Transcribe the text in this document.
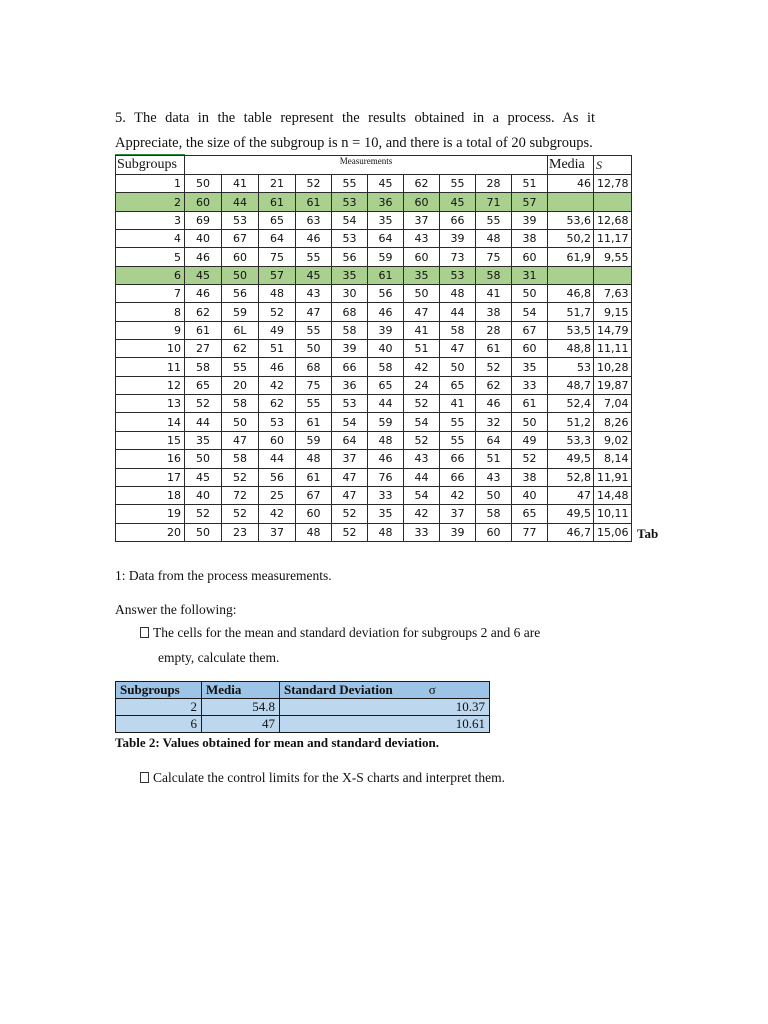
5. The data in the table represent the results obtained in a process. As it Appreciate, the size of the subgroup is n = 10, and there is a total of 20 subgroups.

Subgroups	Measurements										Media	S
1	50	41	21	52	55	45	62	55	28	51	46	12,78
2	60	44	61	61	53	36	60	45	71	57		
3	69	53	65	63	54	35	37	66	55	39	53,6	12,68
4	40	67	64	46	53	64	43	39	48	38	50,2	11,17
5	46	60	75	55	56	59	60	73	75	60	61,9	9,55
6	45	50	57	45	35	61	35	53	58	31		
7	46	56	48	43	30	56	50	48	41	50	46,8	7,63
8	62	59	52	47	68	46	47	44	38	54	51,7	9,15
9	61	6L	49	55	58	39	41	58	28	67	53,5	14,79
10	27	62	51	50	39	40	51	47	61	60	48,8	11,11
11	58	55	46	68	66	58	42	50	52	35	53	10,28
12	65	20	42	75	36	65	24	65	62	33	48,7	19,87
13	52	58	62	55	53	44	52	41	46	61	52,4	7,04
14	44	50	53	61	54	59	54	55	32	50	51,2	8,26
15	35	47	60	59	64	48	52	55	64	49	53,3	9,02
16	50	58	44	48	37	46	43	66	51	52	49,5	8,14
17	45	52	56	61	47	76	44	66	43	38	52,8	11,91
18	40	72	25	67	47	33	54	42	50	40	47	14,48
19	52	52	42	60	52	35	42	37	58	65	49,5	10,11
20	50	23	37	48	52	48	33	39	60	77	46,7	15,06 Tab

1: Data from the process measurements.

Answer the following:

The cells for the mean and standard deviation for subgroups 2 and 6 are
empty, calculate them.
Subgroups	Media	Standard Deviation σ
2	54.8	10.37
6	47	10.61
Table 2: Values obtained for mean and standard deviation.
Calculate the control limits for the X-S charts and interpret them.
